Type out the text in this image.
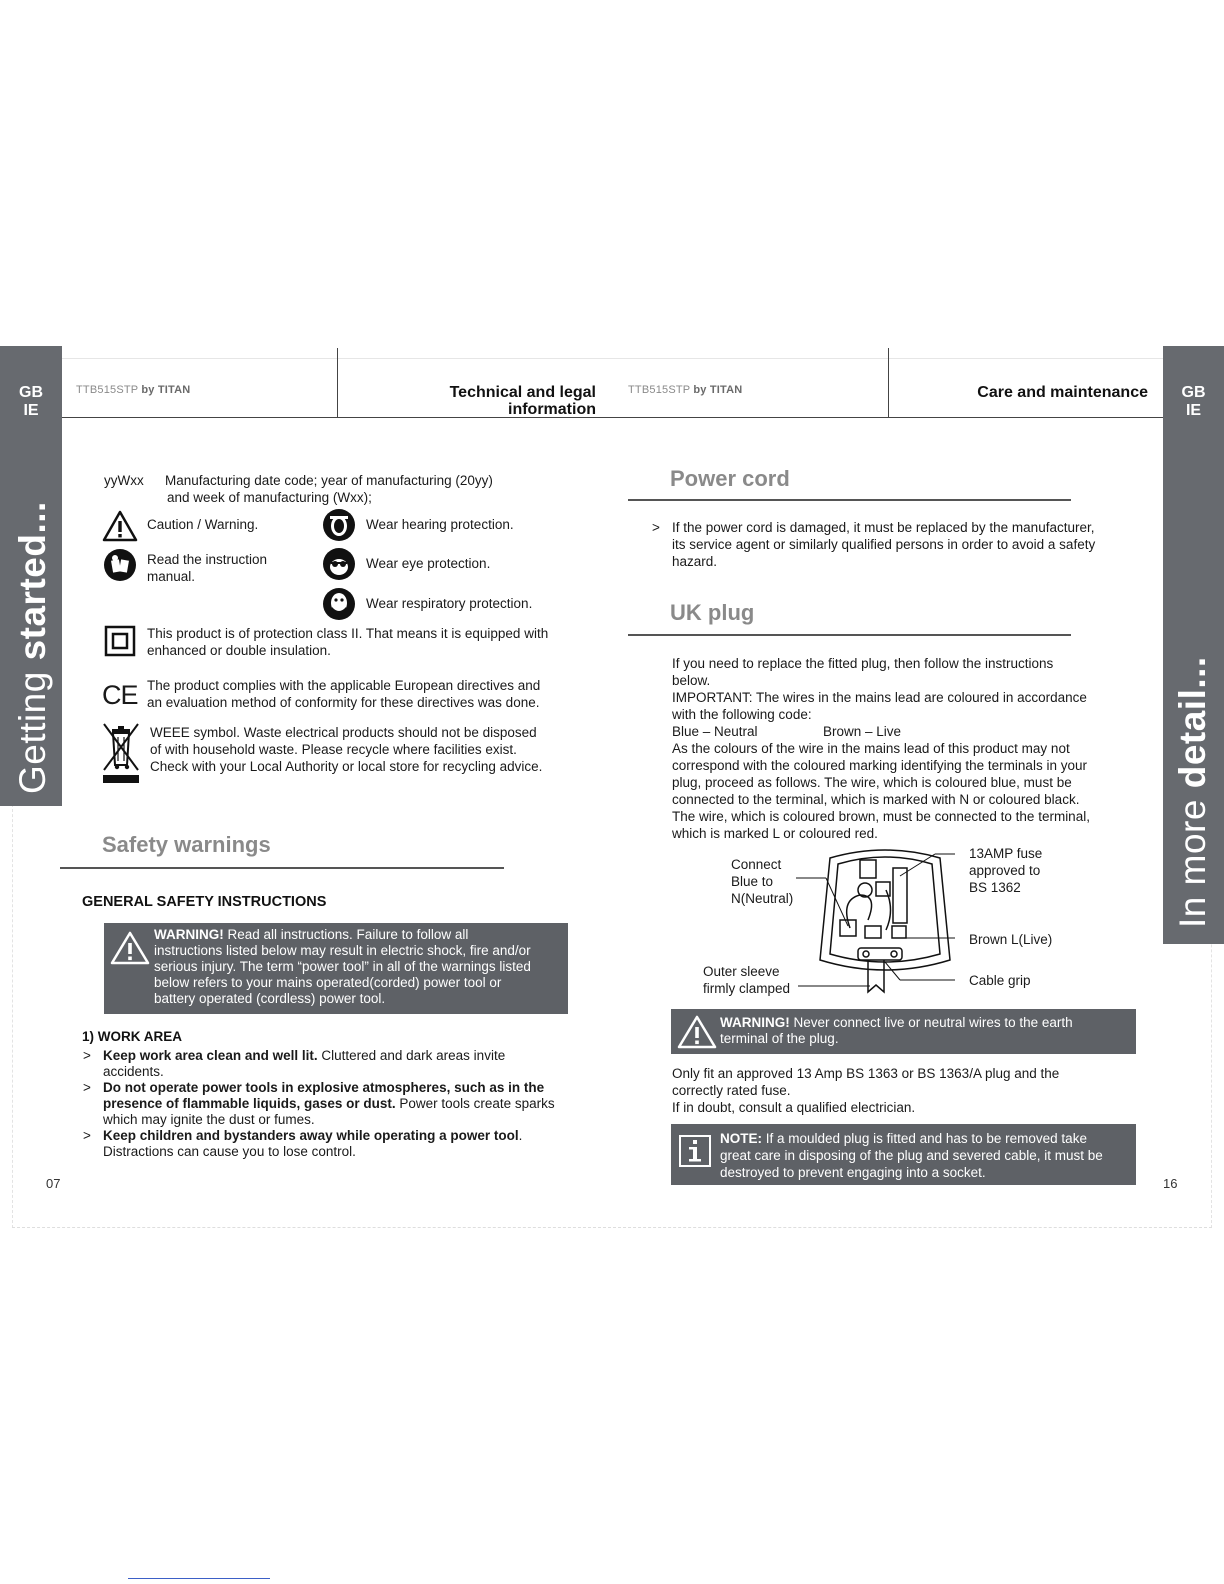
TTB515STP by TITAN	Technical and legal
information
TTB515STP by TITAN	Care and maintenance
GB
IE
Getting started...
GB
IE
In more detail...
yyWxx Manufacturing date code; year of manufacturing (20yy)
and week of manufacturing (Wxx);
Caution / Warning.
Read the instruction
manual.
Wear hearing protection.
Wear eye protection.
Wear respiratory protection.
This product is of protection class II. That means it is equipped with
enhanced or double insulation.
CE The product complies with the applicable European directives and
an evaluation method of conformity for these directives was done.
WEEE symbol. Waste electrical products should not be disposed
of with household waste. Please recycle where facilities exist.
Check with your Local Authority or local store for recycling advice.
Safety warnings
GENERAL SAFETY INSTRUCTIONS
WARNING! Read all instructions. Failure to follow all
instructions listed below may result in electric shock, fire and/or
serious injury. The term “power tool” in all of the warnings listed
below refers to your mains operated(corded) power tool or
battery operated (cordless) power tool.
1) WORK AREA
> Keep work area clean and well lit. Cluttered and dark areas invite
accidents.
> Do not operate power tools in explosive atmospheres, such as in the
presence of flammable liquids, gases or dust. Power tools create sparks
which may ignite the dust or fumes.
> Keep children and bystanders away while operating a power tool.
Distractions can cause you to lose control.
07
Power cord
> If the power cord is damaged, it must be replaced by the manufacturer,
its service agent or similarly qualified persons in order to avoid a safety
hazard.
UK plug
If you need to replace the fitted plug, then follow the instructions
below.
IMPORTANT: The wires in the mains lead are coloured in accordance
with the following code:
Blue – Neutral	Brown – Live
As the colours of the wire in the mains lead of this product may not
correspond with the coloured marking identifying the terminals in your
plug, proceed as follows. The wire, which is coloured blue, must be
connected to the terminal, which is marked with N or coloured black.
The wire, which is coloured brown, must be connected to the terminal,
which is marked L or coloured red.
Connect
Blue to
N(Neutral)
13AMP fuse
approved to
BS 1362
Brown L(Live)
Outer sleeve
firmly clamped
Cable grip
WARNING! Never connect live or neutral wires to the earth
terminal of the plug.
Only fit an approved 13 Amp BS 1363 or BS 1363/A plug and the
correctly rated fuse.
If in doubt, consult a qualified electrician.
NOTE: If a moulded plug is fitted and has to be removed take
great care in disposing of the plug and severed cable, it must be
destroyed to prevent engaging into a socket.
16
